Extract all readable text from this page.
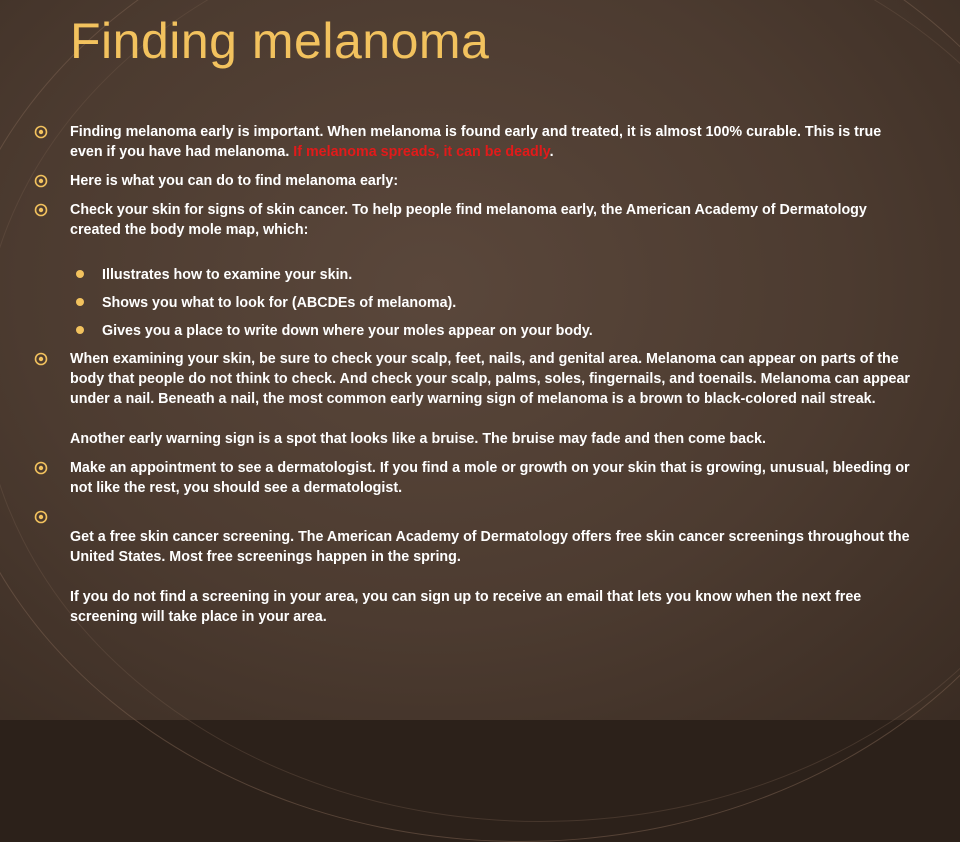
Finding melanoma
Finding melanoma early is important. When melanoma is found early and treated, it is almost 100% curable. This is true even if you have had melanoma. If melanoma spreads, it can be deadly.
Here is what you can do to find melanoma early:
Check your skin for signs of skin cancer. To help people find melanoma early, the American Academy of Dermatology created the body mole map, which:
Illustrates how to examine your skin.
Shows you what to look for (ABCDEs of melanoma).
Gives you a place to write down where your moles appear on your body.
When examining your skin, be sure to check your scalp, feet, nails, and genital area. Melanoma can appear on parts of the body that people do not think to check. And check your scalp, palms, soles, fingernails, and toenails. Melanoma can appear under a nail. Beneath a nail, the most common early warning sign of melanoma is a brown to black-colored nail streak.
Another early warning sign is a spot that looks like a bruise. The bruise may fade and then come back.
Make an appointment to see a dermatologist. If you find a mole or growth on your skin that is growing, unusual, bleeding or not like the rest, you should see a dermatologist.
Get a free skin cancer screening. The American Academy of Dermatology offers free skin cancer screenings throughout the United States. Most free screenings happen in the spring.
If you do not find a screening in your area, you can sign up to receive an email that lets you know when the next free screening will take place in your area.
